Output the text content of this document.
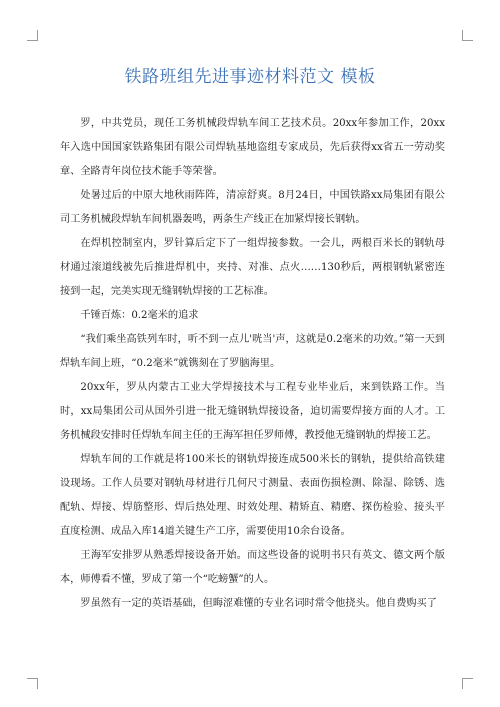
铁路班组先进事迹材料范文 模板

罗，中共党员，现任工务机械段焊轨车间工艺技术员。20xx年参加工作，20xx年入选中国国家铁路集团有限公司焊轨基地盗组专家成员，先后获得xx省五一劳动奖章、全路青年岗位技术能手等荣誉。

处暑过后的中原大地秋雨阵阵，清凉舒爽。8月24日，中国铁路xx局集团有限公司工务机械段焊轨车间机器轰鸣，两条生产线正在加紧焊接长钢轨。

在焊机控制室内，罗针算后定下了一组焊接参数。一会儿，两根百米长的钢轨母材通过滚道线被先后推进焊机中，夹持、对准、点火……130秒后，两根钢轨紧密连接到一起，完美实现无缝钢轨焊接的工艺标准。

千锤百炼：0.2毫米的追求

“我们乘坐高铁列车时，听不到一点儿'咣当'声，这就是0.2毫米的功效。”第一天到焊轨车间上班，“0.2毫米”就镌刻在了罗脑海里。

20xx年，罗从内蒙古工业大学焊接技术与工程专业毕业后，来到铁路工作。当时，xx局集团公司从国外引进一批无缝钢轨焊接设备，迫切需要焊接方面的人才。工务机械段安排时任焊轨车间主任的王海军担任罗师傅，教授他无缝钢轨的焊接工艺。

焊轨车间的工作就是将100米长的钢轨焊接连成500米长的钢轨，提供给高铁建设现场。工作人员要对钢轨母材进行几何尺寸测量、表面伤损检测、除湿、除锈、选配轨、焊接、焊筋整形、焊后热处理、时效处理、精矫直、精磨、探伤检验、接头平直度检测、成品入库14道关键生产工序，需要使用10余台设备。

王海军安排罗从熟悉焊接设备开始。而这些设备的说明书只有英文、德文两个版本，师傅看不懂，罗成了第一个“吃螃蟹”的人。

罗虽然有一定的英语基础，但晦涩难懂的专业名词时常令他挠头。他自费购买了
